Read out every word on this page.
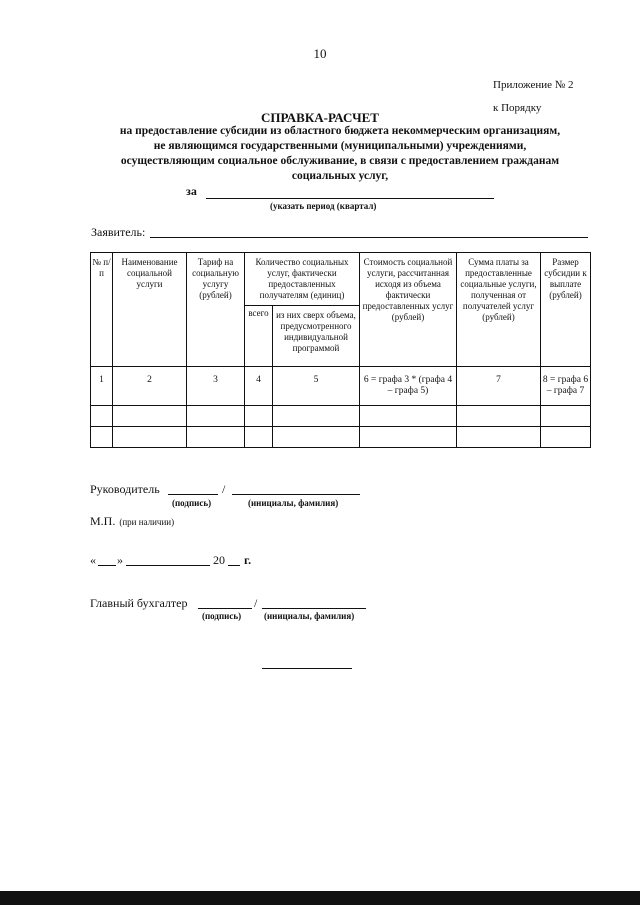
10
Приложение № 2
к Порядку
СПРАВКА-РАСЧЕТ
на предоставление субсидии из областного бюджета некоммерческим организациям,
не являющимся государственными (муниципальными) учреждениями,
осуществляющим социальное обслуживание, в связи с предоставлением гражданам
социальных услуг,
за
(указать период (квартал)
Заявитель:
№ п/п	Наименование социальной услуги	Тариф на социальную услугу (рублей)	Количество социальных услуг, фактически предоставленных получателям (единиц)		Стоимость социальной услуги, рассчитанная исходя из объема фактически предоставленных услуг (рублей)	Сумма платы за предоставленные социальные услуги, полученная от получателей услуг (рублей)	Размер субсидии к выплате (рублей)
			всего	из них сверх объема, предусмотренного индивидуальной программой			
1	2	3	4	5	6 = графа 3 * (графа 4 – графа 5)	7	8 = графа 6 – графа 7

Руководитель	/
(подпись)	(инициалы, фамилия)
М.П. (при наличии)
« »	20 г.
Главный бухгалтер	/
(подпись)	(инициалы, фамилия)
